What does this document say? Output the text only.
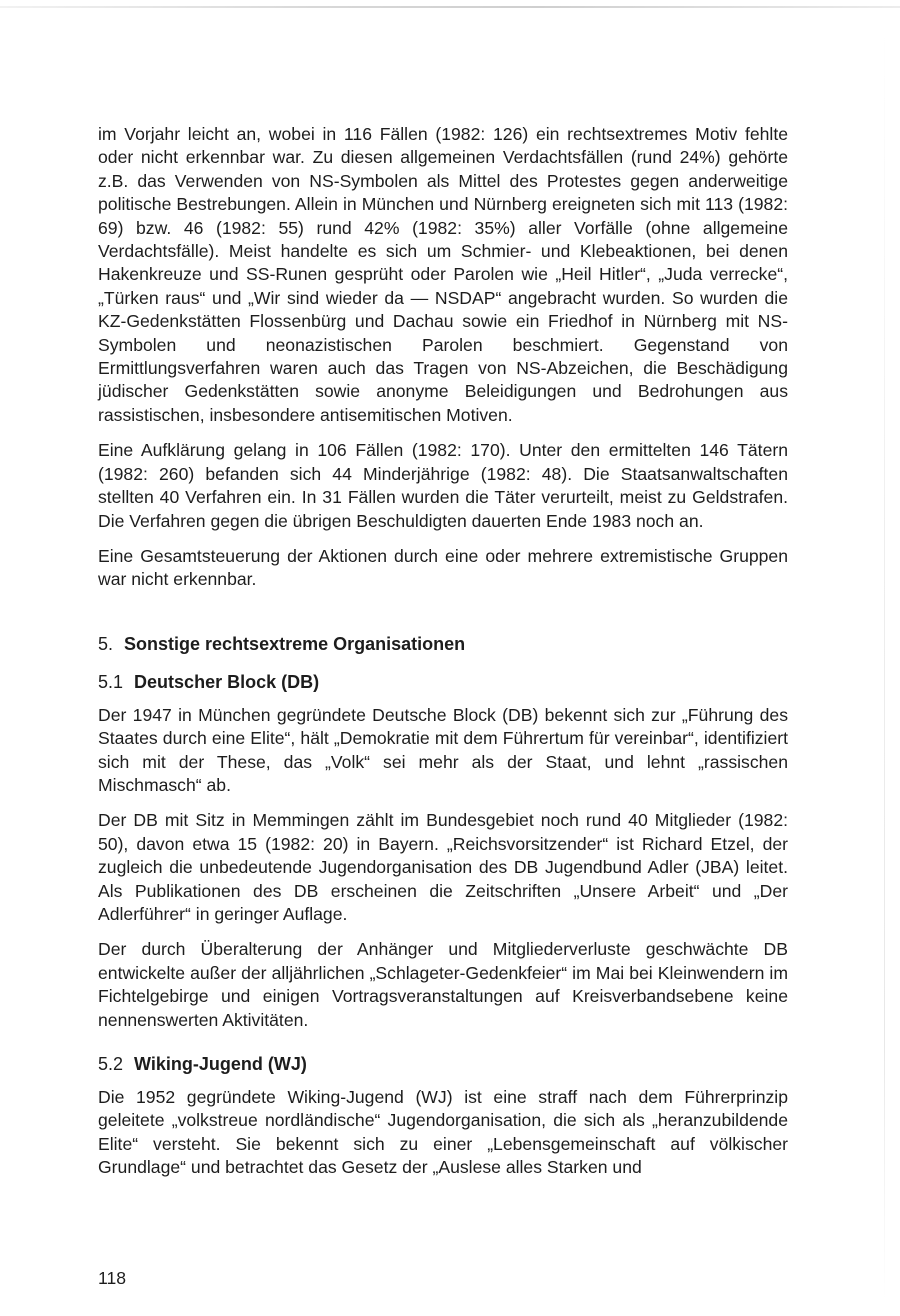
im Vorjahr leicht an, wobei in 116 Fällen (1982: 126) ein rechtsextremes Motiv fehlte oder nicht erkennbar war. Zu diesen allgemeinen Verdachtsfällen (rund 24%) gehörte z.B. das Verwenden von NS-Symbolen als Mittel des Protestes gegen anderweitige politische Bestrebungen. Allein in München und Nürnberg ereigneten sich mit 113 (1982: 69) bzw. 46 (1982: 55) rund 42% (1982: 35%) aller Vorfälle (ohne allgemeine Verdachtsfälle). Meist handelte es sich um Schmier- und Klebeaktionen, bei denen Hakenkreuze und SS-Runen gesprüht oder Parolen wie „Heil Hitler“, „Juda verrecke“, „Türken raus“ und „Wir sind wieder da — NSDAP“ angebracht wurden. So wurden die KZ-Gedenkstätten Flossenbürg und Dachau sowie ein Friedhof in Nürnberg mit NS-Symbolen und neonazistischen Parolen beschmiert. Gegenstand von Ermittlungsverfahren waren auch das Tragen von NS-Abzeichen, die Beschädigung jüdischer Gedenkstätten sowie anonyme Beleidigungen und Bedrohungen aus rassistischen, insbesondere antisemitischen Motiven.

Eine Aufklärung gelang in 106 Fällen (1982: 170). Unter den ermittelten 146 Tätern (1982: 260) befanden sich 44 Minderjährige (1982: 48). Die Staatsanwaltschaften stellten 40 Verfahren ein. In 31 Fällen wurden die Täter verurteilt, meist zu Geldstrafen. Die Verfahren gegen die übrigen Beschuldigten dauerten Ende 1983 noch an.

Eine Gesamtsteuerung der Aktionen durch eine oder mehrere extremistische Gruppen war nicht erkennbar.

5. Sonstige rechtsextreme Organisationen
5.1 Deutscher Block (DB)

Der 1947 in München gegründete Deutsche Block (DB) bekennt sich zur „Führung des Staates durch eine Elite“, hält „Demokratie mit dem Führertum für vereinbar“, identifiziert sich mit der These, das „Volk“ sei mehr als der Staat, und lehnt „rassischen Mischmasch“ ab.

Der DB mit Sitz in Memmingen zählt im Bundesgebiet noch rund 40 Mitglieder (1982: 50), davon etwa 15 (1982: 20) in Bayern. „Reichsvorsitzender“ ist Richard Etzel, der zugleich die unbedeutende Jugendorganisation des DB Jugendbund Adler (JBA) leitet. Als Publikationen des DB erscheinen die Zeitschriften „Unsere Arbeit“ und „Der Adlerführer“ in geringer Auflage.

Der durch Überalterung der Anhänger und Mitgliederverluste geschwächte DB entwickelte außer der alljährlichen „Schlageter-Gedenkfeier“ im Mai bei Kleinwendern im Fichtelgebirge und einigen Vortragsveranstaltungen auf Kreisverbandsebene keine nennenswerten Aktivitäten.

5.2 Wiking-Jugend (WJ)

Die 1952 gegründete Wiking-Jugend (WJ) ist eine straff nach dem Führerprinzip geleitete „volkstreue nordländische“ Jugendorganisation, die sich als „heranzubildende Elite“ versteht. Sie bekennt sich zu einer „Lebensgemeinschaft auf völkischer Grundlage“ und betrachtet das Gesetz der „Auslese alles Starken und

118
